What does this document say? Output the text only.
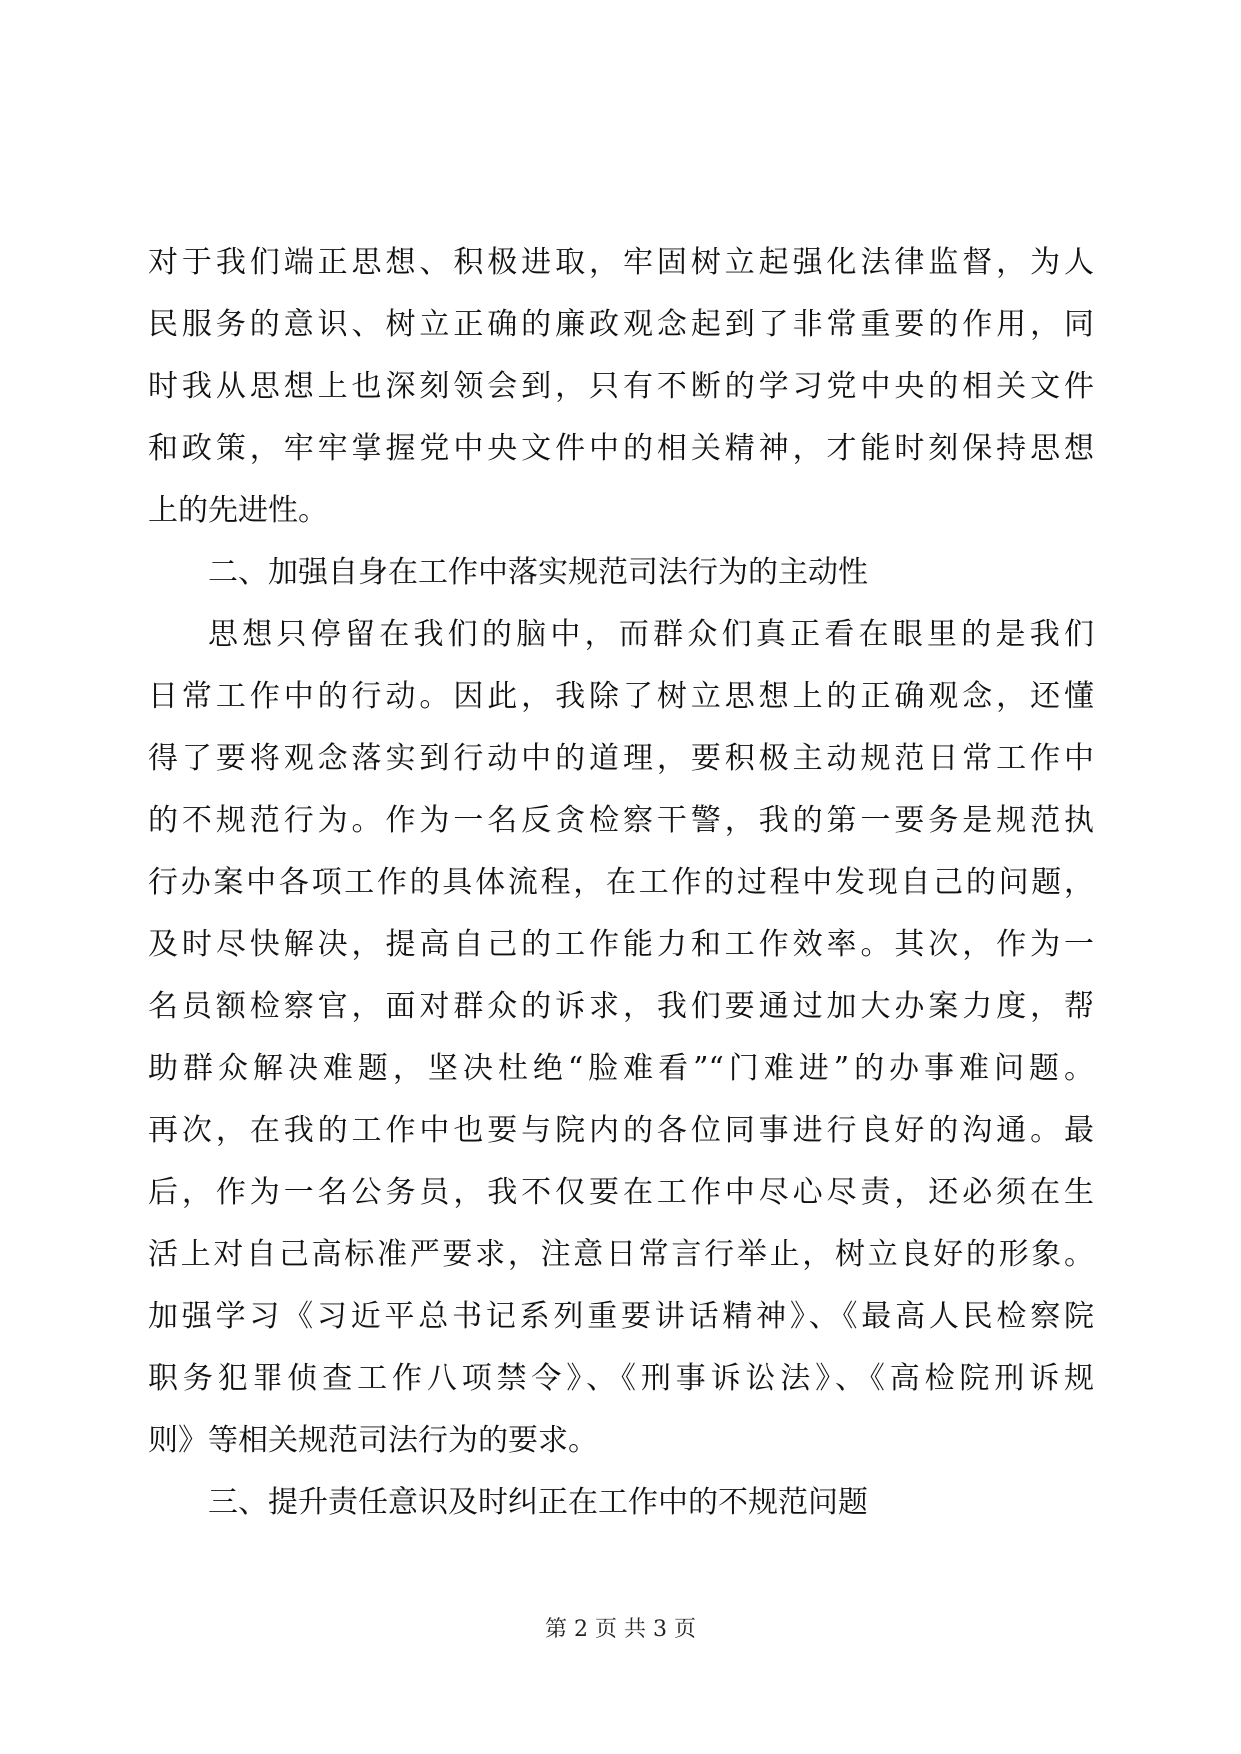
对于我们端正思想、积极进取，牢固树立起强化法律监督，为人
民服务的意识、树立正确的廉政观念起到了非常重要的作用，同
时我从思想上也深刻领会到，只有不断的学习党中央的相关文件
和政策，牢牢掌握党中央文件中的相关精神，才能时刻保持思想
上的先进性。
二、加强自身在工作中落实规范司法行为的主动性
思想只停留在我们的脑中，而群众们真正看在眼里的是我们
日常工作中的行动。因此，我除了树立思想上的正确观念，还懂
得了要将观念落实到行动中的道理，要积极主动规范日常工作中
的不规范行为。作为一名反贪检察干警，我的第一要务是规范执
行办案中各项工作的具体流程，在工作的过程中发现自己的问题，
及时尽快解决，提高自己的工作能力和工作效率。其次，作为一
名员额检察官，面对群众的诉求，我们要通过加大办案力度，帮
助群众解决难题，坚决杜绝“脸难看”“门难进”的办事难问题。
再次，在我的工作中也要与院内的各位同事进行良好的沟通。最
后，作为一名公务员，我不仅要在工作中尽心尽责，还必须在生
活上对自己高标准严要求，注意日常言行举止，树立良好的形象。
加强学习《习近平总书记系列重要讲话精神》、《最高人民检察院
职务犯罪侦查工作八项禁令》、《刑事诉讼法》、《高检院刑诉规
则》等相关规范司法行为的要求。
三、提升责任意识及时纠正在工作中的不规范问题
第 2 页 共 3 页
